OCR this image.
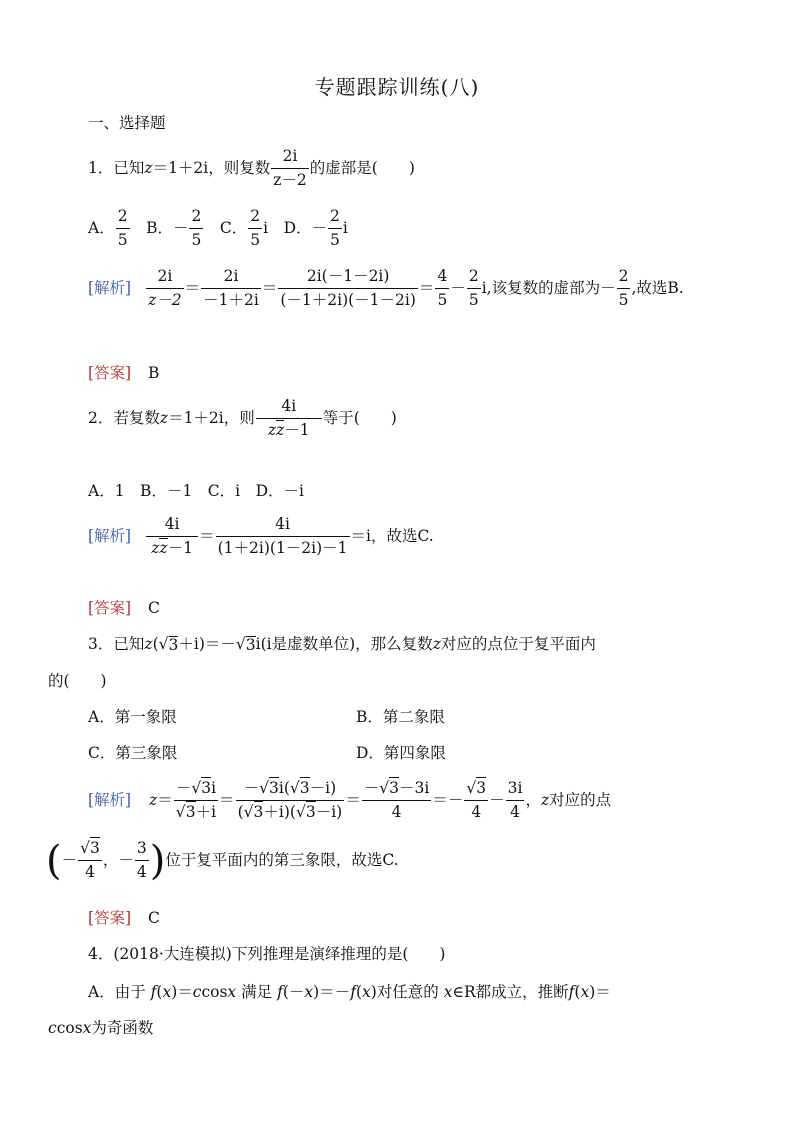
专题跟踪训练(八)
一、选择题
1． 已知 z ＝1＋2i，则复数 $\frac{2i}{z-2}$ 的虚部是(　　)
A． $\frac{2}{5}$ 　B．－ $\frac{2}{5}$ 　C． $\frac{2}{5}$ i 　D．－ $\frac{2}{5}$ i
[解析] $\frac{2i}{z-2} = \frac{2i}{-1+2i} = \frac{2i(-1-2i)}{(-1+2i)(-1-2i)} = \frac{4}{5} - \frac{2}{5} i$,该复数的虚部为－ $\frac{2}{5}$ ,故选B.
[答案] B
2． 若复数 z ＝1＋2i，则 $\frac{4i}{zz-1}$ 等于(　　)
A．1　B．－1　C．i　D．－i
[解析] $\frac{4i}{zz-1} = \frac{4i}{(1+2i)(1-2i)-1} =i$，故选C.
[答案] C
3． 已知 z ( √ 3 ＋i)＝－ √ 3 i(i是虚数单位)，那么复数 z 对应的点位于复平面内
的(　　)
A．第一象限	B．第二象限
C．第三象限	D．第四象限
[解析] $z = \frac{-√3i}{√3+i} = \frac{-√3i(√3-i)}{(√3+i)(√3-i)} = \frac{-√3-3i}{4} =- \frac{√3}{4} - \frac{3i}{4}$ ， z 对应的点
( － $\frac{√3}{4}$ ，－ $\frac{3}{4}$ ) 位于复平面内的第三象限，故选C.
[答案] C
4．(2018·大连模拟)下列推理是演绎推理的是(　　)
A．由于 f(x)＝ccosx 满足 f(－x)＝－f(x)对任意的 x∈R都成立，推断f(x)＝
ccosx为奇函数
